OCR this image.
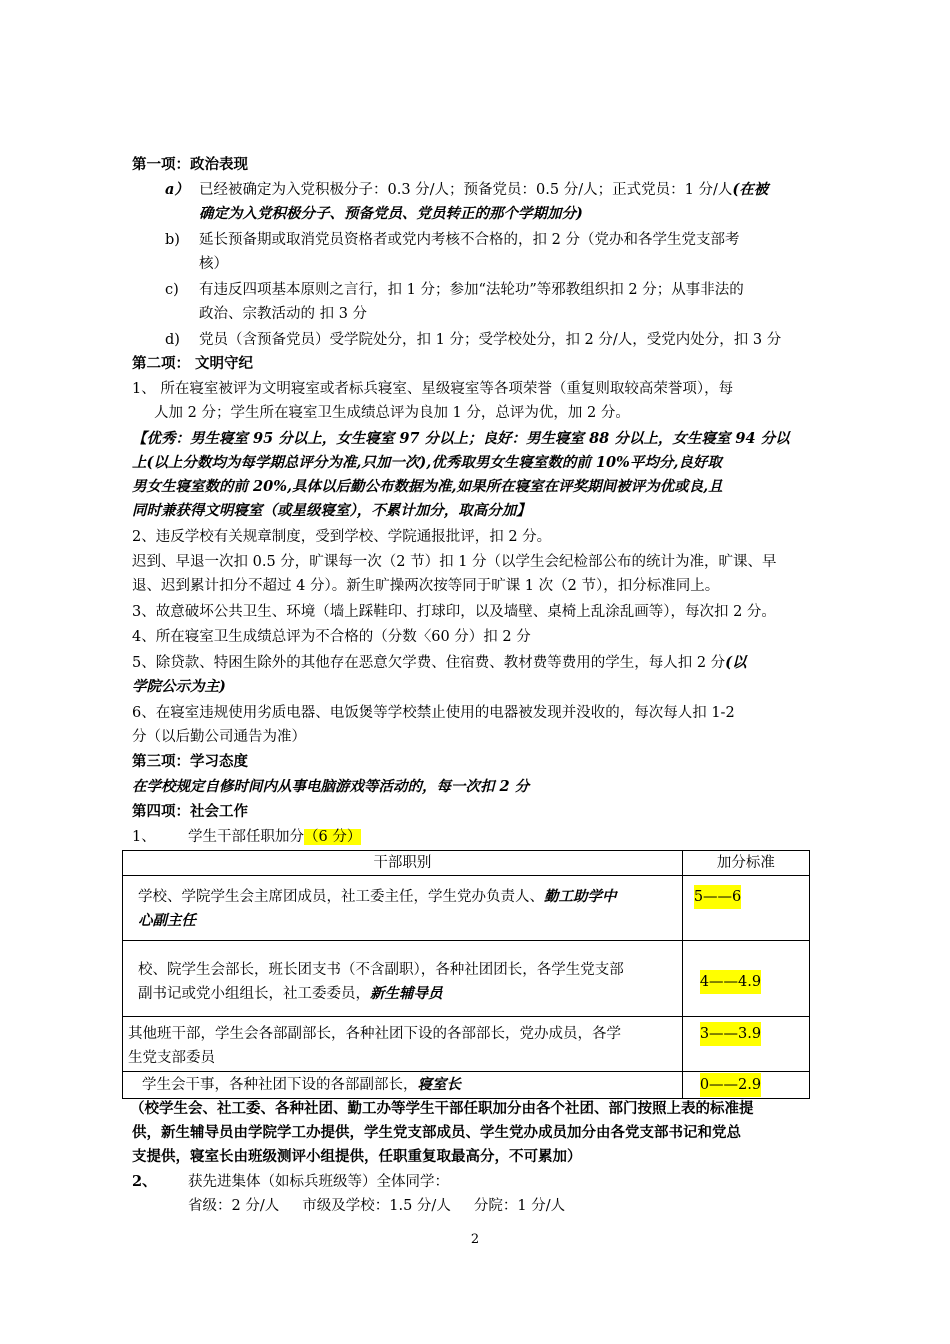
第一项：政治表现
a） 已经被确定为入党积极分子：0.3 分/人；预备党员：0.5 分/人；正式党员：1 分/人(在被
确定为入党积极分子、预备党员、党员转正的那个学期加分)
b) 延长预备期或取消党员资格者或党内考核不合格的，扣 2 分（党办和各学生党支部考
核）
c) 有违反四项基本原则之言行，扣 1 分；参加“法轮功”等邪教组织扣 2 分；从事非法的
政治、宗教活动的 扣 3 分
d) 党员（含预备党员）受学院处分，扣 1 分；受学校处分，扣 2 分/人，受党内处分，扣 3 分
第二项： 文明守纪
1、 所在寝室被评为文明寝室或者标兵寝室、星级寝室等各项荣誉（重复则取较高荣誉项），每
人加 2 分；学生所在寝室卫生成绩总评为良加 1 分，总评为优，加 2 分。
【优秀：男生寝室 95 分以上，女生寝室 97 分以上；良好：男生寝室 88 分以上，女生寝室 94 分以
上(以上分数均为每学期总评分为准,只加一次),优秀取男女生寝室数的前 10%平均分,良好取
男女生寝室数的前 20%,具体以后勤公布数据为准,如果所在寝室在评奖期间被评为优或良,且
同时兼获得文明寝室（或星级寝室），不累计加分，取高分加】
2、违反学校有关规章制度，受到学校、学院通报批评，扣 2 分。
迟到、早退一次扣 0.5 分，旷课每一次（2 节）扣 1 分（以学生会纪检部公布的统计为准，旷课、早
退、迟到累计扣分不超过 4 分）。新生旷操两次按等同于旷课 1 次（2 节），扣分标准同上。
3、故意破坏公共卫生、环境（墙上踩鞋印、打球印，以及墙壁、桌椅上乱涂乱画等），每次扣 2 分。
4、所在寝室卫生成绩总评为不合格的（分数〈60 分）扣 2 分
5、除贷款、特困生除外的其他存在恶意欠学费、住宿费、教材费等费用的学生，每人扣 2 分(以
学院公示为主)
6、在寝室违规使用劣质电器、电饭煲等学校禁止使用的电器被发现并没收的，每次每人扣 1-2
分（以后勤公司通告为准）
第三项：学习态度
在学校规定自修时间内从事电脑游戏等活动的，每一次扣 2 分
第四项：社会工作
1、 学生干部任职加分（6 分）
干部职别	加分标准

学校、学院学生会主席团成员，社工委主任，学生党办负责人、勤工助学中
心副主任	5——6

校、院学生会部长，班长团支书（不含副职），各种社团团长，各学生党支部
副书记或党小组组长，社工委委员，新生辅导员	4——4.9

其他班干部，学生会各部副部长，各种社团下设的各部部长，党办成员，各学
生党支部委员	3——3.9

学生会干事，各种社团下设的各部副部长，寝室长	0——2.9
（校学生会、社工委、各种社团、勤工办等学生干部任职加分由各个社团、部门按照上表的标准提
供，新生辅导员由学院学工办提供，学生党支部成员、学生党办成员加分由各党支部书记和党总
支提供，寝室长由班级测评小组提供，任职重复取最高分，不可累加）
2、 获先进集体（如标兵班级等）全体同学：
省级：2 分/人     市级及学校：1.5 分/人     分院：1 分/人
2
